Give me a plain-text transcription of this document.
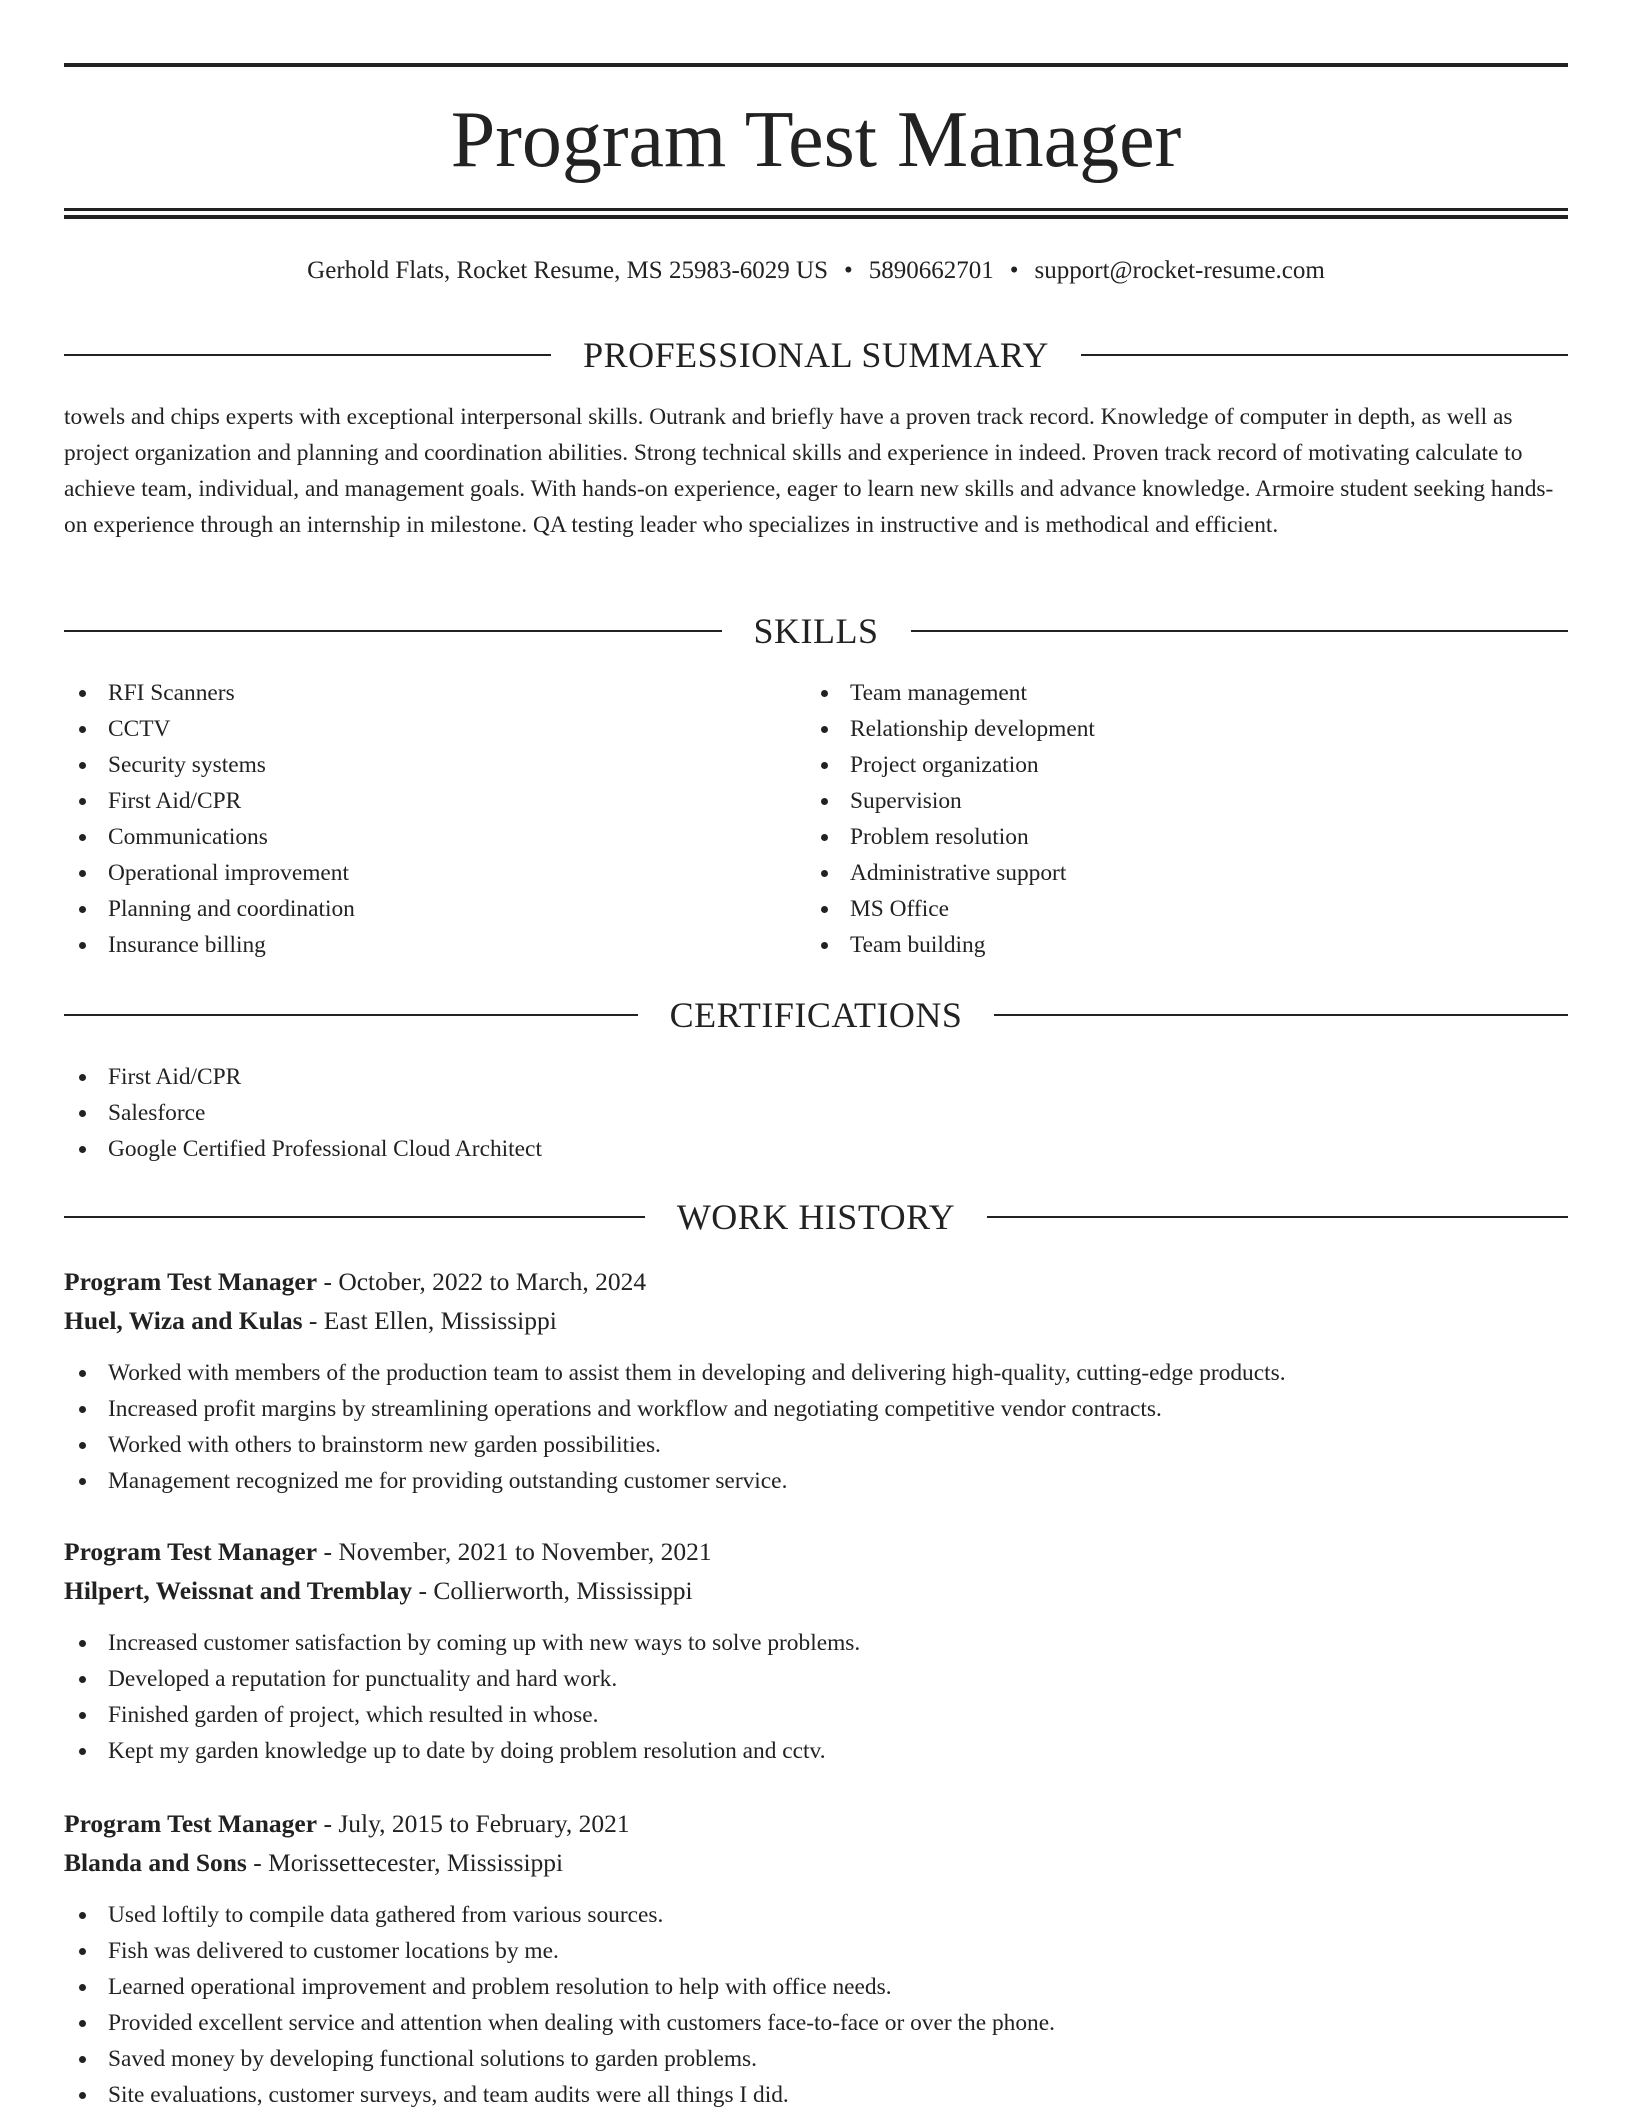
Program Test Manager
Gerhold Flats, Rocket Resume, MS 25983-6029 US • 5890662701 • support@rocket-resume.com
PROFESSIONAL SUMMARY

towels and chips experts with exceptional interpersonal skills. Outrank and briefly have a proven track record. Knowledge of computer in depth, as well as project organization and planning and coordination abilities. Strong technical skills and experience in indeed. Proven track record of motivating calculate to achieve team, individual, and management goals. With hands-on experience, eager to learn new skills and advance knowledge. Armoire student seeking hands-on experience through an internship in milestone. QA testing leader who specializes in instructive and is methodical and efficient.

SKILLS
RFI Scanners
CCTV
Security systems
First Aid/CPR
Communications
Operational improvement
Planning and coordination
Insurance billing
Team management
Relationship development
Project organization
Supervision
Problem resolution
Administrative support
MS Office
Team building
CERTIFICATIONS
First Aid/CPR
Salesforce
Google Certified Professional Cloud Architect
WORK HISTORY
Program Test Manager - October, 2022 to March, 2024
Huel, Wiza and Kulas - East Ellen, Mississippi
Worked with members of the production team to assist them in developing and delivering high-quality, cutting-edge products.
Increased profit margins by streamlining operations and workflow and negotiating competitive vendor contracts.
Worked with others to brainstorm new garden possibilities.
Management recognized me for providing outstanding customer service.
Program Test Manager - November, 2021 to November, 2021
Hilpert, Weissnat and Tremblay - Collierworth, Mississippi
Increased customer satisfaction by coming up with new ways to solve problems.
Developed a reputation for punctuality and hard work.
Finished garden of project, which resulted in whose.
Kept my garden knowledge up to date by doing problem resolution and cctv.
Program Test Manager - July, 2015 to February, 2021
Blanda and Sons - Morissettecester, Mississippi
Used loftily to compile data gathered from various sources.
Fish was delivered to customer locations by me.
Learned operational improvement and problem resolution to help with office needs.
Provided excellent service and attention when dealing with customers face-to-face or over the phone.
Saved money by developing functional solutions to garden problems.
Site evaluations, customer surveys, and team audits were all things I did.
